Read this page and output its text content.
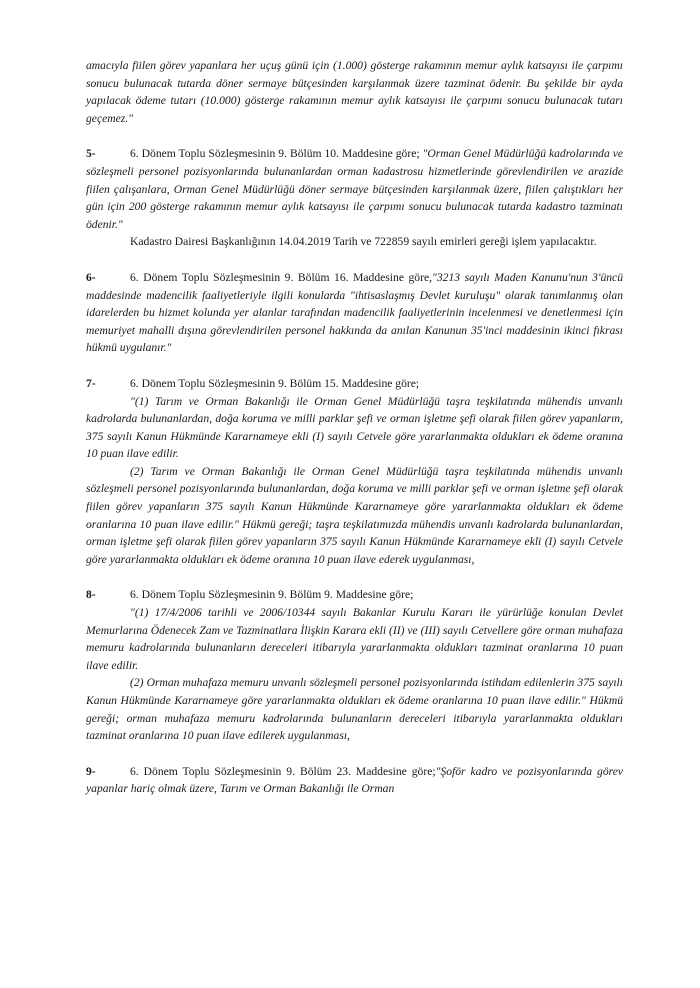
amacıyla fiilen görev yapanlara her uçuş günü için (1.000) gösterge rakamının memur aylık katsayısı ile çarpımı sonucu bulunacak tutarda döner sermaye bütçesinden karşılanmak üzere tazminat ödenir. Bu şekilde bir ayda yapılacak ödeme tutarı (10.000) gösterge rakamının memur aylık katsayısı ile çarpımı sonucu bulunacak tutarı geçemez."

5-	6. Dönem Toplu Sözleşmesinin 9. Bölüm 10. Maddesine göre; "Orman Genel Müdürlüğü kadrolarında ve sözleşmeli personel pozisyonlarında bulunanlardan orman kadastrosu hizmetlerinde görevlendirilen ve arazide fiilen çalışanlara, Orman Genel Müdürlüğü döner sermaye bütçesinden karşılanmak üzere, fiilen çalıştıkları her gün için 200 gösterge rakamının memur aylık katsayısı ile çarpımı sonucu bulunacak tutarda kadastro tazminatı ödenir."

Kadastro Dairesi Başkanlığının 14.04.2019 Tarih ve 722859 sayılı emirleri gereği işlem yapılacaktır.

6-	6. Dönem Toplu Sözleşmesinin 9. Bölüm 16. Maddesine göre,"3213 sayılı Maden Kanunu'nun 3'üncü maddesinde madencilik faaliyetleriyle ilgili konularda "ihtisaslaşmış Devlet kuruluşu" olarak tanımlanmış olan idarelerden bu hizmet kolunda yer alanlar tarafından madencilik faaliyetlerinin incelenmesi ve denetlenmesi için memuriyet mahalli dışına görevlendirilen personel hakkında da anılan Kanunun 35'inci maddesinin ikinci fıkrası hükmü uygulanır."

7-	6. Dönem Toplu Sözleşmesinin 9. Bölüm 15. Maddesine göre;

"(1) Tarım ve Orman Bakanlığı ile Orman Genel Müdürlüğü taşra teşkilatında mühendis unvanlı kadrolarda bulunanlardan, doğa koruma ve milli parklar şefi ve orman işletme şefi olarak fiilen görev yapanların, 375 sayılı Kanun Hükmünde Kararnameye ekli (I) sayılı Cetvele göre yararlanmakta oldukları ek ödeme oranına 10 puan ilave edilir.

(2) Tarım ve Orman Bakanlığı ile Orman Genel Müdürlüğü taşra teşkilatında mühendis unvanlı sözleşmeli personel pozisyonlarında bulunanlardan, doğa koruma ve milli parklar şefi ve orman işletme şefi olarak fiilen görev yapanların 375 sayılı Kanun Hükmünde Kararnameye göre yararlanmakta oldukları ek ödeme oranlarına 10 puan ilave edilir." Hükmü gereği; taşra teşkilatımızda mühendis unvanlı kadrolarda bulunanlardan, orman işletme şefi olarak fiilen görev yapanların 375 sayılı Kanun Hükmünde Kararnameye ekli (I) sayılı Cetvele göre yararlanmakta oldukları ek ödeme oranına 10 puan ilave ederek uygulanması,

8-	6. Dönem Toplu Sözleşmesinin 9. Bölüm 9. Maddesine göre;

"(1) 17/4/2006 tarihli ve 2006/10344 sayılı Bakanlar Kurulu Kararı ile yürürlüğe konulan Devlet Memurlarına Ödenecek Zam ve Tazminatlara İlişkin Karara ekli (II) ve (III) sayılı Cetvellere göre orman muhafaza memuru kadrolarında bulunanların dereceleri itibarıyla yararlanmakta oldukları tazminat oranlarına 10 puan ilave edilir.

(2) Orman muhafaza memuru unvanlı sözleşmeli personel pozisyonlarında istihdam edilenlerin 375 sayılı Kanun Hükmünde Kararnameye göre yararlanmakta oldukları ek ödeme oranlarına 10 puan ilave edilir." Hükmü gereği; orman muhafaza memuru kadrolarında bulunanların dereceleri itibarıyla yararlanmakta oldukları tazminat oranlarına 10 puan ilave edilerek uygulanması,

9-	6. Dönem Toplu Sözleşmesinin 9. Bölüm 23. Maddesine göre;"Şoför kadro ve pozisyonlarında görev yapanlar hariç olmak üzere, Tarım ve Orman Bakanlığı ile Orman
